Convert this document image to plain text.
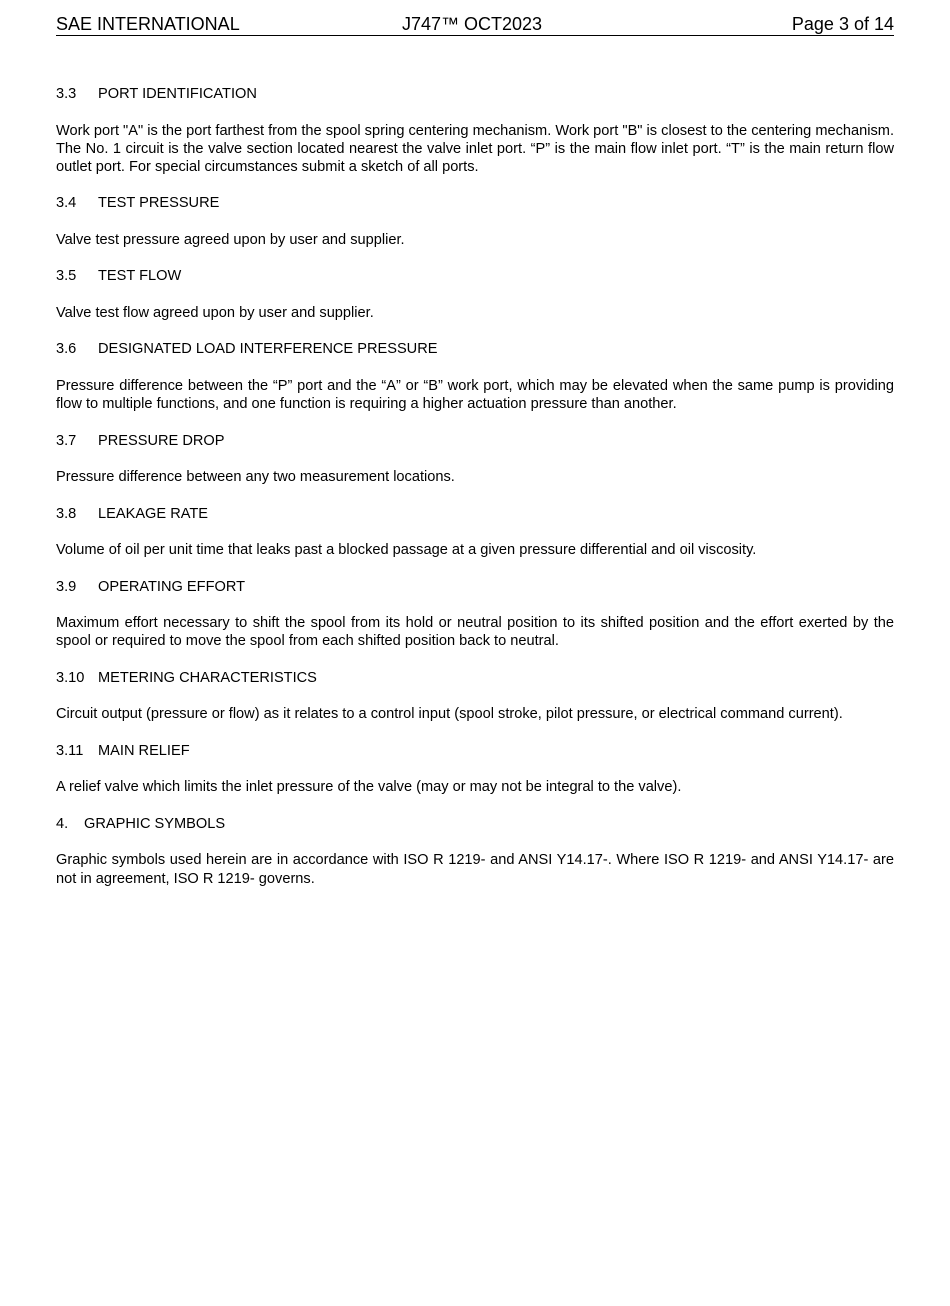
SAE INTERNATIONAL	J747™ OCT2023	Page 3 of 14
3.3	PORT IDENTIFICATION
Work port "A" is the port farthest from the spool spring centering mechanism. Work port "B" is closest to the centering mechanism. The No. 1 circuit is the valve section located nearest the valve inlet port. “P” is the main flow inlet port. “T” is the main return flow outlet port. For special circumstances submit a sketch of all ports.
3.4	TEST PRESSURE
Valve test pressure agreed upon by user and supplier.
3.5	TEST FLOW
Valve test flow agreed upon by user and supplier.
3.6	DESIGNATED LOAD INTERFERENCE PRESSURE
Pressure difference between the “P” port and the “A” or “B” work port, which may be elevated when the same pump is providing flow to multiple functions, and one function is requiring a higher actuation pressure than another.
3.7	PRESSURE DROP
Pressure difference between any two measurement locations.
3.8	LEAKAGE RATE
Volume of oil per unit time that leaks past a blocked passage at a given pressure differential and oil viscosity.
3.9	OPERATING EFFORT
Maximum effort necessary to shift the spool from its hold or neutral position to its shifted position and the effort exerted by the spool or required to move the spool from each shifted position back to neutral.
3.10 METERING CHARACTERISTICS
Circuit output (pressure or flow) as it relates to a control input (spool stroke, pilot pressure, or electrical command current).
3.11	MAIN RELIEF
A relief valve which limits the inlet pressure of the valve (may or may not be integral to the valve).
4.	GRAPHIC SYMBOLS
Graphic symbols used herein are in accordance with ISO R 1219- and ANSI Y14.17-. Where ISO R 1219- and ANSI Y14.17- are not in agreement, ISO R 1219- governs.
